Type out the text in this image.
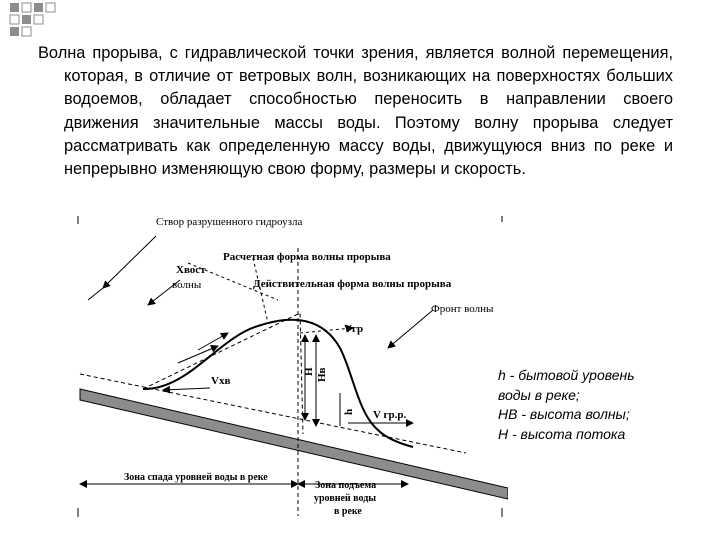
Волна прорыва, с гидравлической точки зрения, является волной перемещения, которая, в отличие от ветровых волн, возникающих на поверхностях больших водоемов, обладает способностью переносить в направлении своего движения значительные массы воды. Поэтому волну прорыва следует рассматривать как определенную массу воды, движущуюся вниз по реке и непрерывно изменяющую свою форму, размеры и скорость.
Створ разрушенного гидроузла
Расчетная форма волны прорыва
Хвост
волны	Действительная форма волны прорыва
Фронт волны
Vгр
Vхв
V гр.р.
H Hв
h
Зона спада уровней воды в реке
Зона подъема
уровней воды
в реке
h - бытовой уровень
воды в реке;
HB - высота волны;
H - высота потока
